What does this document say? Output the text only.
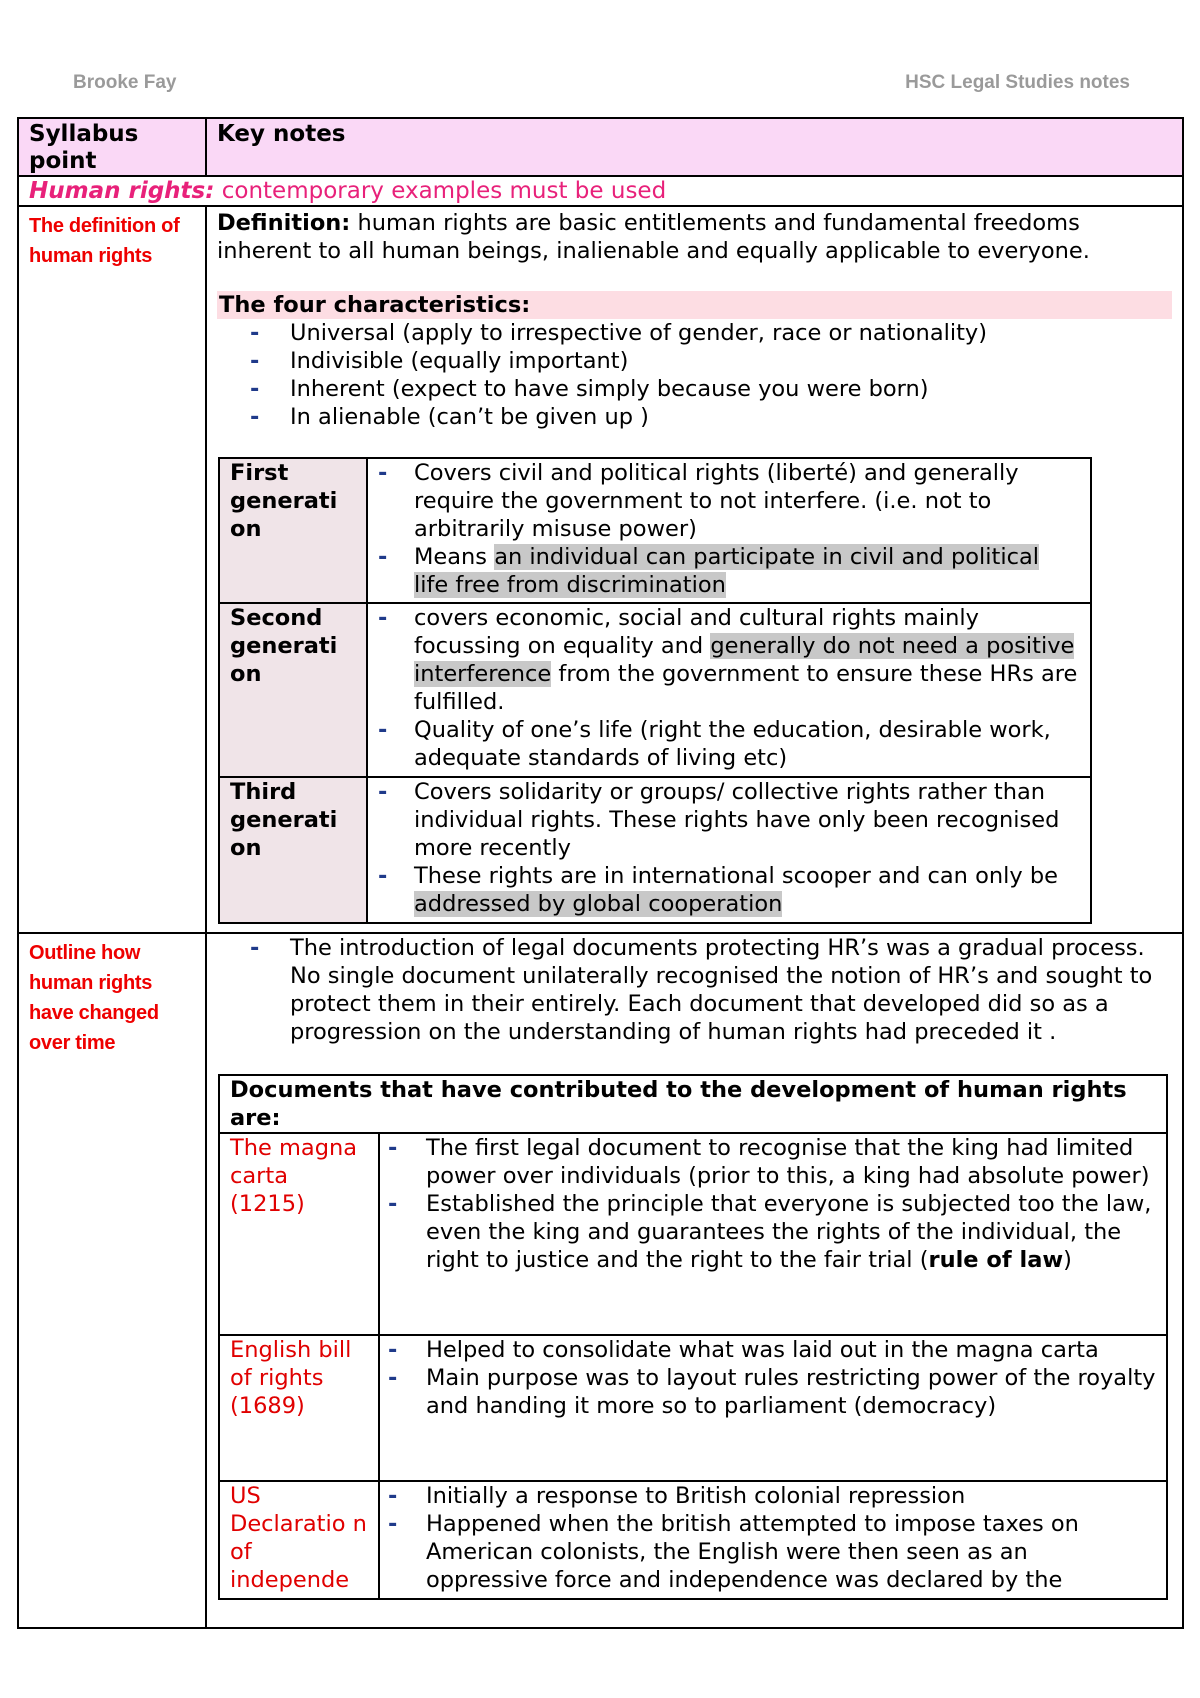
Brooke Fay	HSC Legal Studies notes
Syllabus point	Key notes
Human rights: contemporary examples must be used
The definition of human rights	

Definition: human rights are basic entitlements and fundamental freedoms inherent to all human beings, inalienable and equally applicable to everyone.

The four characteristics:

- Universal (apply to irrespective of gender, race or nationality)
- Indivisible (equally important)
- Inherent (expect to have simply because you were born)
- In alienable (can’t be given up )
First generati on	
- Covers civil and political rights (liberté) and generally require the government to not interfere. (i.e. not to arbitrarily misuse power)
- Means an individual can participate in civil and political life free from discrimination

Second generati on	
- covers economic, social and cultural rights mainly focussing on equality and generally do not need a positive interference from the government to ensure these HRs are fulfilled.
- Quality of one’s life (right the education, desirable work, adequate standards of living etc)

Third generati on	
- Covers solidarity or groups/ collective rights rather than individual rights. These rights have only been recognised more recently
- These rights are in international scooper and can only be addressed by global cooperation

Outline how human rights have changed over time	
- The introduction of legal documents protecting HR’s was a gradual process. No single document unilaterally recognised the notion of HR’s and sought to protect them in their entirely. Each document that developed did so as a progression on the understanding of human rights had preceded it .
Documents that have contributed to the development of human rights are:
The magna carta (1215)	
- The first legal document to recognise that the king had limited power over individuals (prior to this, a king had absolute power)
- Established the principle that everyone is subjected too the law, even the king and guarantees the rights of the individual, the right to justice and the right to the fair trial (rule of law)

English bill of rights (1689)	
- Helped to consolidate what was laid out in the magna carta
- Main purpose was to layout rules restricting power of the royalty and handing it more so to parliament (democracy)

US Declaratio n of independe	
- Initially a response to British colonial repression
- Happened when the british attempted to impose taxes on American colonists, the English were then seen as an oppressive force and independence was declared by the
